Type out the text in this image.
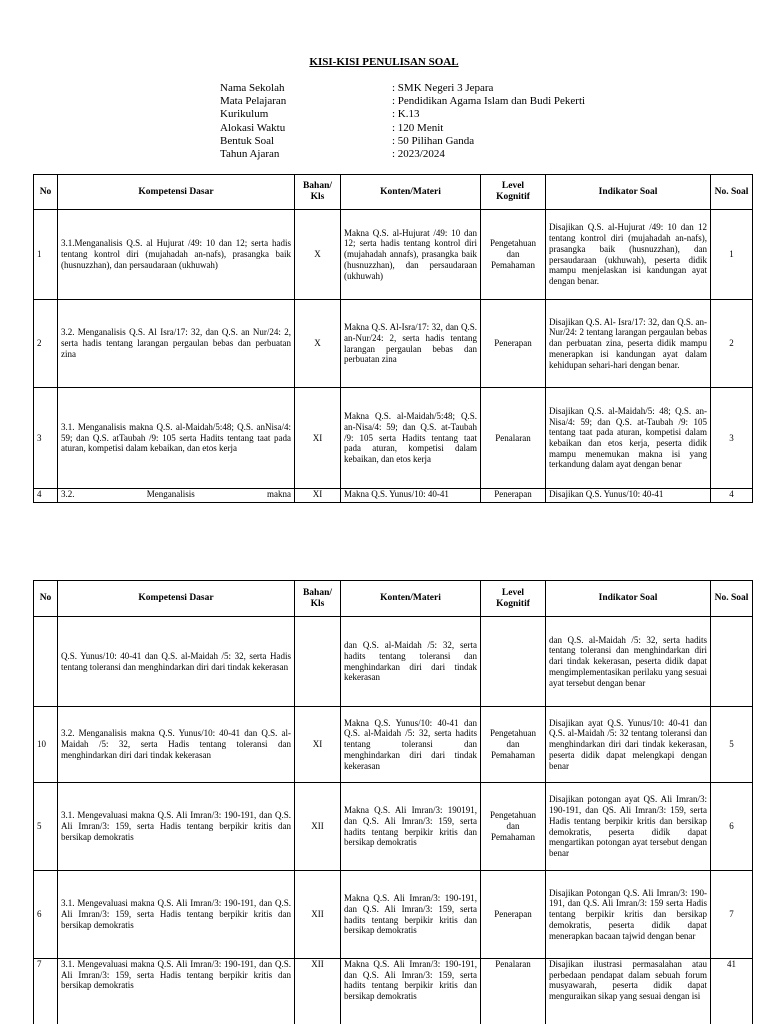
KISI-KISI PENULISAN SOAL
Nama Sekolah	: SMK Negeri 3 Jepara
Mata Pelajaran	: Pendidikan Agama Islam dan Budi Pekerti
Kurikulum	: K.13
Alokasi Waktu	: 120 Menit
Bentuk Soal	: 50 Pilihan Ganda
Tahun Ajaran	: 2023/2024
No	Kompetensi Dasar	Bahan/ Kls	Konten/Materi	Level Kognitif	Indikator Soal	No. Soal
1	3.1.Menganalisis Q.S. al Hujurat /49: 10 dan 12; serta hadis tentang kontrol diri (mujahadah an-nafs), prasangka baik (husnuzzhan), dan persaudaraan (ukhuwah)	X	Makna Q.S. al-Hujurat /49: 10 dan 12; serta hadis tentang kontrol diri (mujahadah annafs), prasangka baik (husnuzzhan), dan persaudaraan (ukhuwah)	Pengetahuan dan Pemahaman	Disajikan Q.S. al-Hujurat /49: 10 dan 12 tentang kontrol diri (mujahadah an-nafs), prasangka baik (husnuzzhan), dan persaudaraan (ukhuwah), peserta didik mampu menjelaskan isi kandungan ayat dengan benar.	1
2	3.2. Menganalisis Q.S. Al Isra/17: 32, dan Q.S. an Nur/24: 2, serta hadis tentang larangan pergaulan bebas dan perbuatan zina	X	Makna Q.S. Al-Isra/17: 32, dan Q.S. an-Nur/24: 2, serta hadis tentang larangan pergaulan bebas dan perbuatan zina	Penerapan	Disajikan Q.S. Al- Isra/17: 32, dan Q.S. an- Nur/24: 2 tentang larangan pergaulan bebas dan perbuatan zina, peserta didik mampu menerapkan isi kandungan ayat dalam kehidupan sehari-hari dengan benar.	2
3	3.1. Menganalisis makna Q.S. al-Maidah/5:48; Q.S. anNisa/4: 59; dan Q.S. atTaubah /9: 105 serta Hadits tentang taat pada aturan, kompetisi dalam kebaikan, dan etos kerja	XI	Makna Q.S. al-Maidah/5:48; Q.S. an-Nisa/4: 59; dan Q.S. at-Taubah /9: 105 serta Hadits tentang taat pada aturan, kompetisi dalam kebaikan, dan etos kerja	Penalaran	Disajikan Q.S. al-Maidah/5: 48; Q.S. an-Nisa/4: 59; dan Q.S. at-Taubah /9: 105 tentang taat pada aturan, kompetisi dalam kebaikan dan etos kerja, peserta didik mampu menemukan makna isi yang terkandung dalam ayat dengan benar	3
4	3.2. Menganalisis makna	XI	Makna Q.S. Yunus/10: 40-41	Penerapan	Disajikan Q.S. Yunus/10: 40-41	4
No	Kompetensi Dasar	Bahan/ Kls	Konten/Materi	Level Kognitif	Indikator Soal	No. Soal
	Q.S. Yunus/10: 40-41 dan Q.S. al-Maidah /5: 32, serta Hadis tentang toleransi dan menghindarkan diri dari tindak kekerasan		dan Q.S. al-Maidah /5: 32, serta hadits tentang toleransi dan menghindarkan diri dari tindak kekerasan		dan Q.S. al-Maidah /5: 32, serta hadits tentang toleransi dan menghindarkan diri dari tindak kekerasan, peserta didik dapat mengimplementasikan perilaku yang sesuai ayat tersebut dengan benar	
10	3.2. Menganalisis makna Q.S. Yunus/10: 40-41 dan Q.S. al-Maidah /5: 32, serta Hadis tentang toleransi dan menghindarkan diri dari tindak kekerasan	XI	Makna Q.S. Yunus/10: 40-41 dan Q.S. al-Maidah /5: 32, serta hadits tentang toleransi dan menghindarkan diri dari tindak kekerasan	Pengetahuan dan Pemahaman	Disajikan ayat Q.S. Yunus/10: 40-41 dan Q.S. al-Maidah /5: 32 tentang toleransi dan menghindarkan diri dari tindak kekerasan, peserta didik dapat melengkapi dengan benar	5
5	3.1. Mengevaluasi makna Q.S. Ali Imran/3: 190-191, dan Q.S. Ali Imran/3: 159, serta Hadis tentang berpikir kritis dan bersikap demokratis	XII	Makna Q.S. Ali Imran/3: 190191, dan Q.S. Ali Imran/3: 159, serta hadits tentang berpikir kritis dan bersikap demokratis	Pengetahuan dan Pemahaman	Disajikan potongan ayat QS. Ali Imran/3: 190-191, dan QS. Ali Imran/3: 159, serta Hadis tentang berpikir kritis dan bersikap demokratis, peserta didik dapat mengartikan potongan ayat tersebut dengan benar	6
6	3.1. Mengevaluasi makna Q.S. Ali Imran/3: 190-191, dan Q.S. Ali Imran/3: 159, serta Hadis tentang berpikir kritis dan bersikap demokratis	XII	Makna Q.S. Ali Imran/3: 190-191, dan Q.S. Ali Imran/3: 159, serta hadits tentang berpikir kritis dan bersikap demokratis	Penerapan	Disajikan Potongan Q.S. Ali Imran/3: 190-191, dan Q.S. Ali Imran/3: 159 serta Hadis tentang berpikir kritis dan bersikap demokratis, peserta didik dapat menerapkan bacaan tajwid dengan benar	7
7	3.1. Mengevaluasi makna Q.S. Ali Imran/3: 190-191, dan Q.S. Ali Imran/3: 159, serta Hadis tentang berpikir kritis dan bersikap demokratis	XII	Makna Q.S. Ali Imran/3: 190-191, dan Q.S. Ali Imran/3: 159, serta hadits tentang berpikir kritis dan bersikap demokratis	Penalaran	Disajikan ilustrasi permasalahan atau perbedaan pendapat dalam sebuah forum musyawarah, peserta didik dapat menguraikan sikap yang sesuai dengan isi	41
